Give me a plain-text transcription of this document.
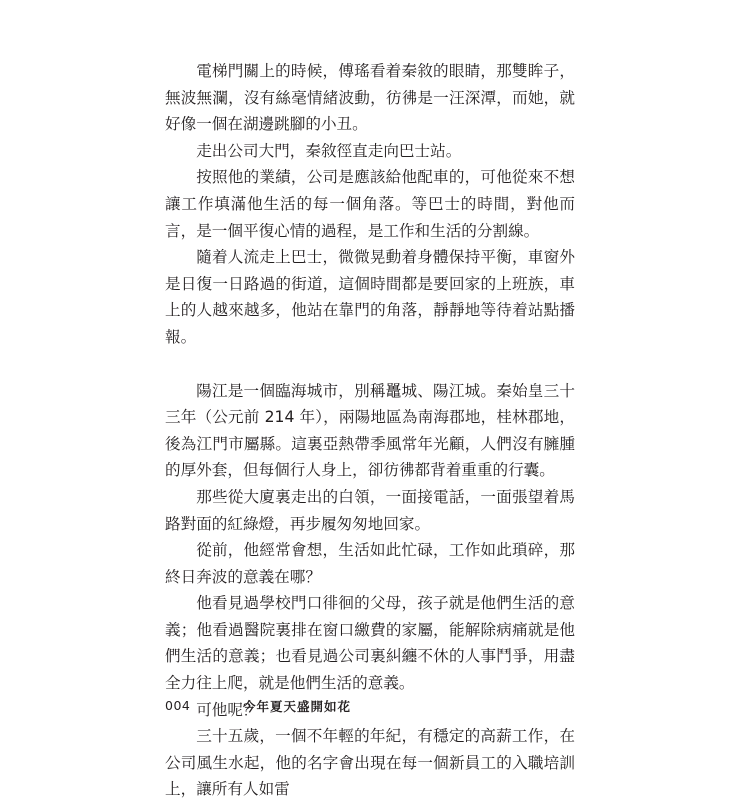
電梯門關上的時候，傅瑤看着秦敘的眼睛，那雙眸子，無波無瀾，沒有絲毫情緒波動，彷彿是一汪深潭，而她，就好像一個在湖邊跳腳的小丑。

走出公司大門，秦敘徑直走向巴士站。

按照他的業績，公司是應該給他配車的，可他從來不想讓工作填滿他生活的每一個角落。等巴士的時間，對他而言，是一個平復心情的過程，是工作和生活的分割線。

隨着人流走上巴士，微微晃動着身體保持平衡，車窗外是日復一日路過的街道，這個時間都是要回家的上班族，車上的人越來越多，他站在靠門的角落，靜靜地等待着站點播報。

陽江是一個臨海城市，別稱鼉城、陽江城。秦始皇三十三年（公元前 214 年），兩陽地區為南海郡地，桂林郡地，後為江門市屬縣。這裏亞熱帶季風常年光顧，人們沒有臃腫的厚外套，但每個行人身上，卻彷彿都背着重重的行囊。

那些從大廈裏走出的白領，一面接電話，一面張望着馬路對面的紅綠燈，再步履匆匆地回家。

從前，他經常會想，生活如此忙碌，工作如此瑣碎，那終日奔波的意義在哪？

他看見過學校門口徘徊的父母，孩子就是他們生活的意義；他看過醫院裏排在窗口繳費的家屬，能解除病痛就是他們生活的意義；也看見過公司裏糾纏不休的人事鬥爭，用盡全力往上爬，就是他們生活的意義。

可他呢？

三十五歲，一個不年輕的年紀，有穩定的高薪工作，在公司風生水起，他的名字會出現在每一個新員工的入職培訓上，讓所有人如雷

004	今年夏天盛開如花
